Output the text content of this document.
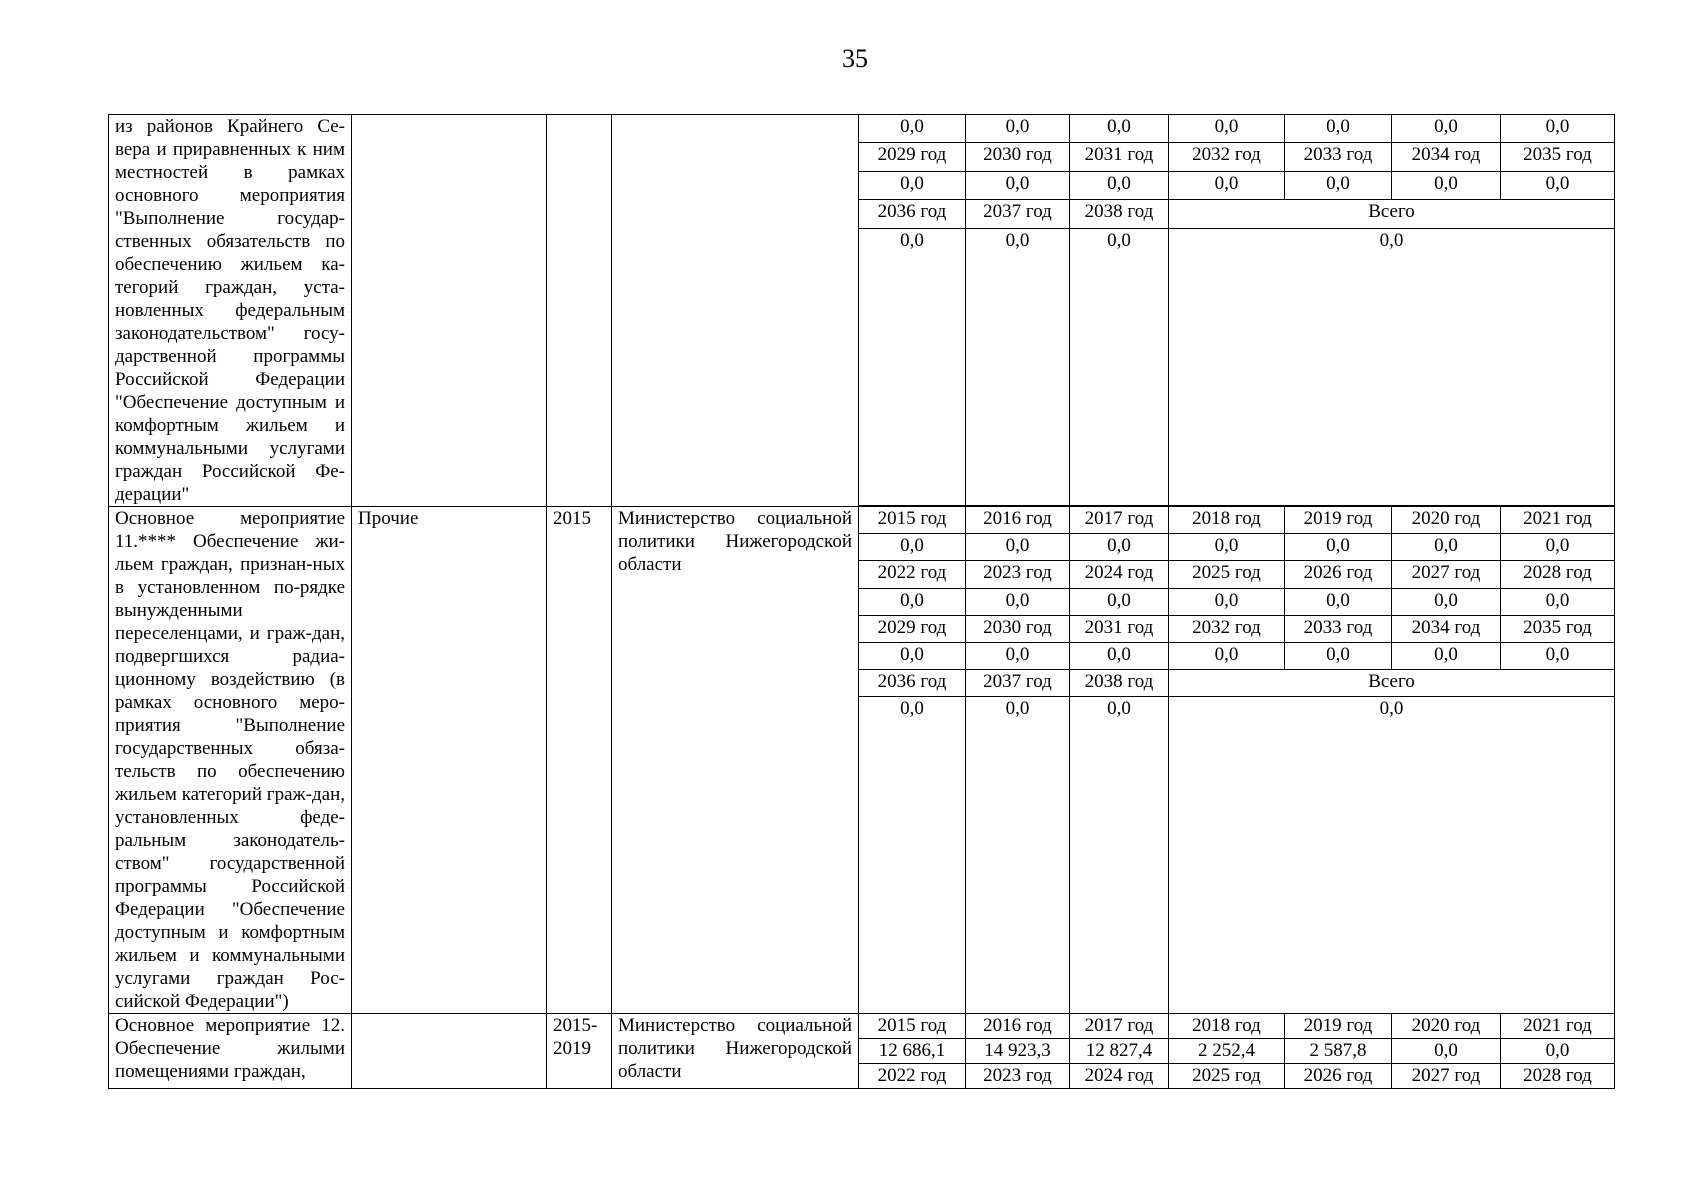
35
из районов Крайнего Се-вера и приравненных к ним местностей в рамках основного мероприятия "Выполнение государ-ственных обязательств по обеспечению жильем ка-тегорий граждан, уста-новленных федеральным законодательством" госу-дарственной программы Российской Федерации "Обеспечение доступным и комфортным жильем и коммунальными услугами граждан Российской Фе-дерации"				0,0	0,0	0,0	0,0	0,0	0,0	0,0
				2029 год	2030 год	2031 год	2032 год	2033 год	2034 год	2035 год
				0,0	0,0	0,0	0,0	0,0	0,0	0,0
				2036 год	2037 год	2038 год	Всего			
				0,0	0,0	0,0	0,0			

Основное мероприятие 11.**** Обеспечение жи-льем граждан, признан-ных в установленном по-рядке вынужденными переселенцами, и граж-дан, подвергшихся радиа-ционному воздействию (в рамках основного меро-приятия "Выполнение государственных обяза-тельств по обеспечению жильем категорий граж-дан, установленных феде-ральным законодатель-ством" государственной программы Российской Федерации "Обеспечение доступным и комфортным жильем и коммунальными услугами граждан Рос-сийской Федерации")	Прочие	2015	Министерство социальной политики Нижегородской области	2015 год	2016 год	2017 год	2018 год	2019 год	2020 год	2021 год
				0,0	0,0	0,0	0,0	0,0	0,0	0,0
				2022 год	2023 год	2024 год	2025 год	2026 год	2027 год	2028 год
				0,0	0,0	0,0	0,0	0,0	0,0	0,0
				2029 год	2030 год	2031 год	2032 год	2033 год	2034 год	2035 год
				0,0	0,0	0,0	0,0	0,0	0,0	0,0
				2036 год	2037 год	2038 год	Всего			
				0,0	0,0	0,0	0,0			
Основное мероприятие 12. Обеспечение жилыми помещениями граждан,		2015-2019	Министерство социальной политики Нижегородской области	2015 год	2016 год	2017 год	2018 год	2019 год	2020 год	2021 год
				12 686,1	14 923,3	12 827,4	2 252,4	2 587,8	0,0	0,0
				2022 год	2023 год	2024 год	2025 год	2026 год	2027 год	2028 год
